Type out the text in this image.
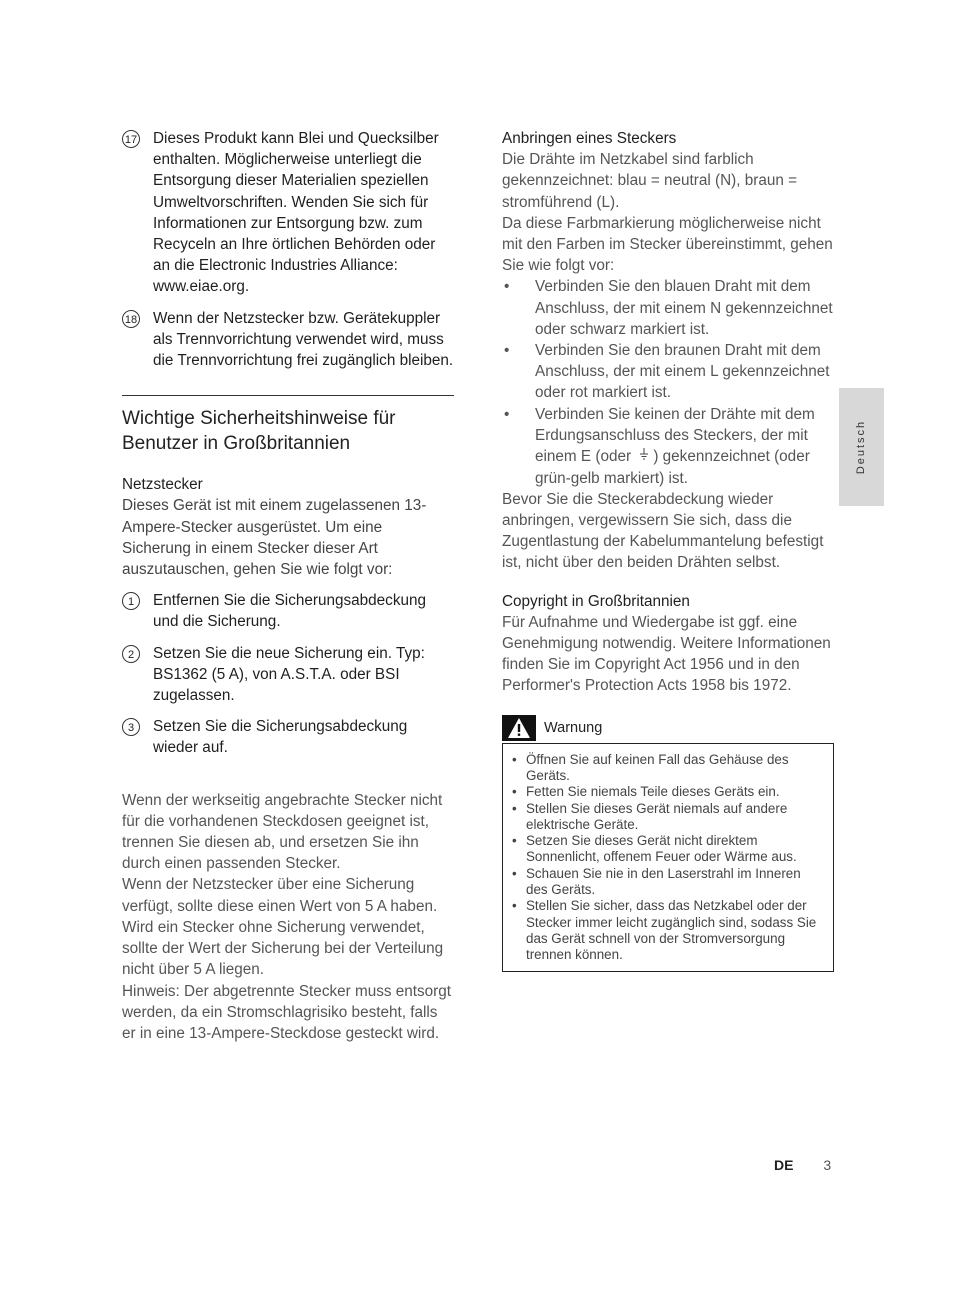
17 Dieses Produkt kann Blei und Quecksilber enthalten. Möglicherweise unterliegt die Entsorgung dieser Materialien speziellen Umweltvorschriften. Wenden Sie sich für Informationen zur Entsorgung bzw. zum Recyceln an Ihre örtlichen Behörden oder an die Electronic Industries Alliance: www.eiae.org.
18 Wenn der Netzstecker bzw. Gerätekuppler als Trennvorrichtung verwendet wird, muss die Trennvorrichtung frei zugänglich bleiben.
Wichtige Sicherheitshinweise für Benutzer in Großbritannien
Netzstecker
Dieses Gerät ist mit einem zugelassenen 13-Ampere-Stecker ausgerüstet. Um eine Sicherung in einem Stecker dieser Art auszutauschen, gehen Sie wie folgt vor:
1	Entfernen Sie die Sicherungsabdeckung und die Sicherung.
2	Setzen Sie die neue Sicherung ein. Typ: BS1362 (5 A), von A.S.T.A. oder BSI zugelassen.
3	Setzen Sie die Sicherungsabdeckung wieder auf.
Wenn der werkseitig angebrachte Stecker nicht für die vorhandenen Steckdosen geeignet ist, trennen Sie diesen ab, und ersetzen Sie ihn durch einen passenden Stecker.
Wenn der Netzstecker über eine Sicherung verfügt, sollte diese einen Wert von 5 A haben. Wird ein Stecker ohne Sicherung verwendet, sollte der Wert der Sicherung bei der Verteilung nicht über 5 A liegen.
Hinweis: Der abgetrennte Stecker muss entsorgt werden, da ein Stromschlagrisiko besteht, falls er in eine 13-Ampere-Steckdose gesteckt wird.
Anbringen eines Steckers
Die Drähte im Netzkabel sind farblich gekennzeichnet: blau = neutral (N), braun = stromführend (L).
Da diese Farbmarkierung möglicherweise nicht mit den Farben im Stecker übereinstimmt, gehen Sie wie folgt vor:
• Verbinden Sie den blauen Draht mit dem Anschluss, der mit einem N gekennzeichnet oder schwarz markiert ist.
• Verbinden Sie den braunen Draht mit dem Anschluss, der mit einem L gekennzeichnet oder rot markiert ist.
• Verbinden Sie keinen der Drähte mit dem Erdungsanschluss des Steckers, der mit einem E (oder ) gekennzeichnet (oder grün-gelb markiert) ist.
Bevor Sie die Steckerabdeckung wieder anbringen, vergewissern Sie sich, dass die Zugentlastung der Kabelummantelung befestigt ist, nicht über den beiden Drähten selbst.
Copyright in Großbritannien
Für Aufnahme und Wiedergabe ist ggf. eine Genehmigung notwendig. Weitere Informationen finden Sie im Copyright Act 1956 und in den Performer's Protection Acts 1958 bis 1972.
Warnung
• Öffnen Sie auf keinen Fall das Gehäuse des Geräts.
• Fetten Sie niemals Teile dieses Geräts ein.
• Stellen Sie dieses Gerät niemals auf andere elektrische Geräte.
• Setzen Sie dieses Gerät nicht direktem Sonnenlicht, offenem Feuer oder Wärme aus.
• Schauen Sie nie in den Laserstrahl im Inneren des Geräts.
• Stellen Sie sicher, dass das Netzkabel oder der Stecker immer leicht zugänglich sind, sodass Sie das Gerät schnell von der Stromversorgung trennen können.
Deutsch
DE 3
